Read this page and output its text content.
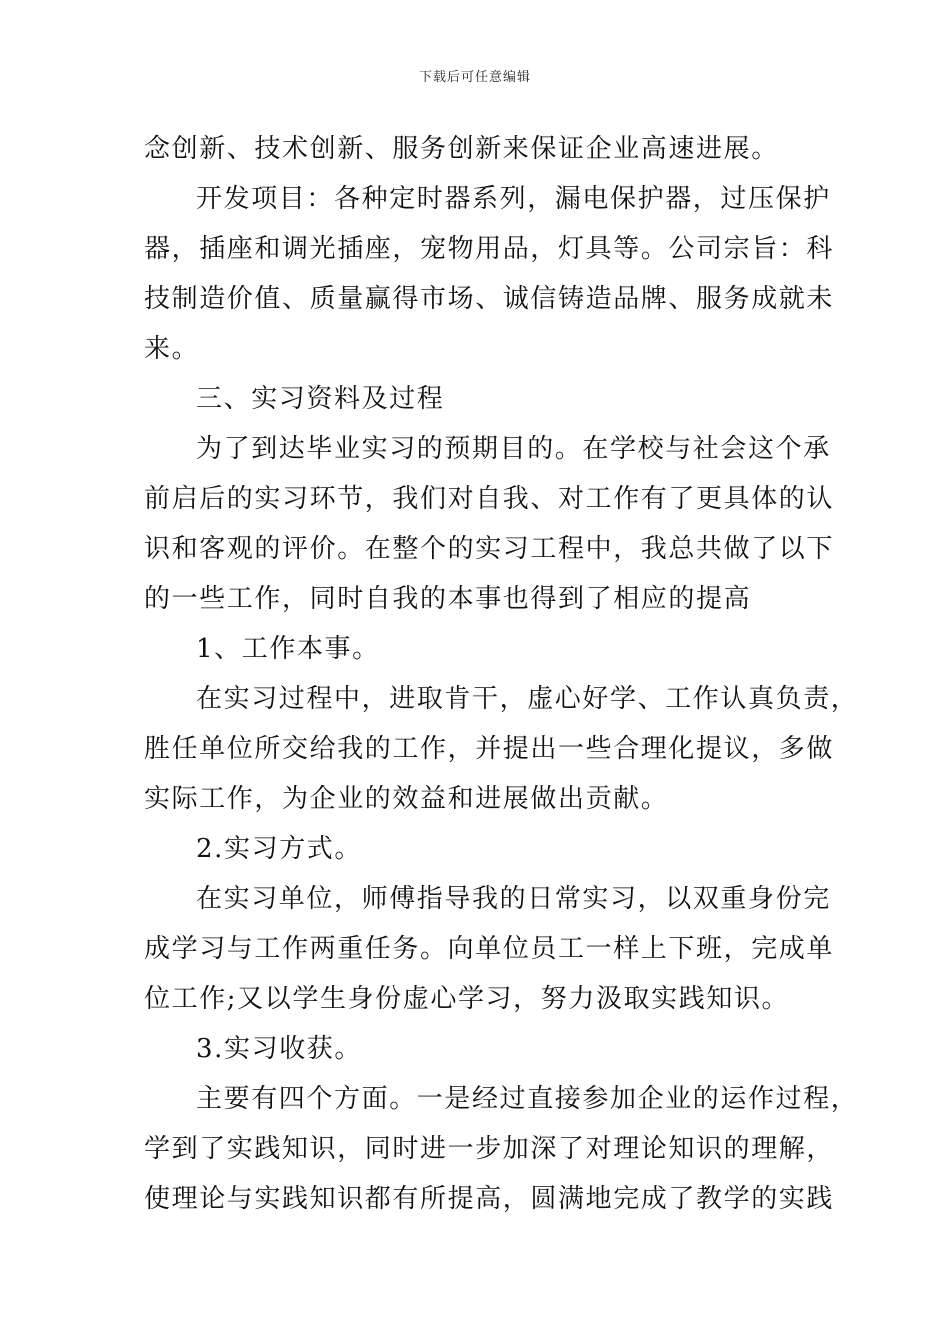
下载后可任意编辑
念创新、技术创新、服务创新来保证企业高速进展。
开发项目：各种定时器系列，漏电保护器，过压保护
器，插座和调光插座，宠物用品，灯具等。公司宗旨：科
技制造价值、质量赢得市场、诚信铸造品牌、服务成就未
来。
三、实习资料及过程
为了到达毕业实习的预期目的。在学校与社会这个承
前启后的实习环节，我们对自我、对工作有了更具体的认
识和客观的评价。在整个的实习工程中，我总共做了以下
的一些工作，同时自我的本事也得到了相应的提高
1、工作本事。
在实习过程中，进取肯干，虚心好学、工作认真负责，
胜任单位所交给我的工作，并提出一些合理化提议，多做
实际工作，为企业的效益和进展做出贡献。
2.实习方式。
在实习单位，师傅指导我的日常实习，以双重身份完
成学习与工作两重任务。向单位员工一样上下班，完成单
位工作;又以学生身份虚心学习，努力汲取实践知识。
3.实习收获。
主要有四个方面。一是经过直接参加企业的运作过程，
学到了实践知识，同时进一步加深了对理论知识的理解，
使理论与实践知识都有所提高，圆满地完成了教学的实践
